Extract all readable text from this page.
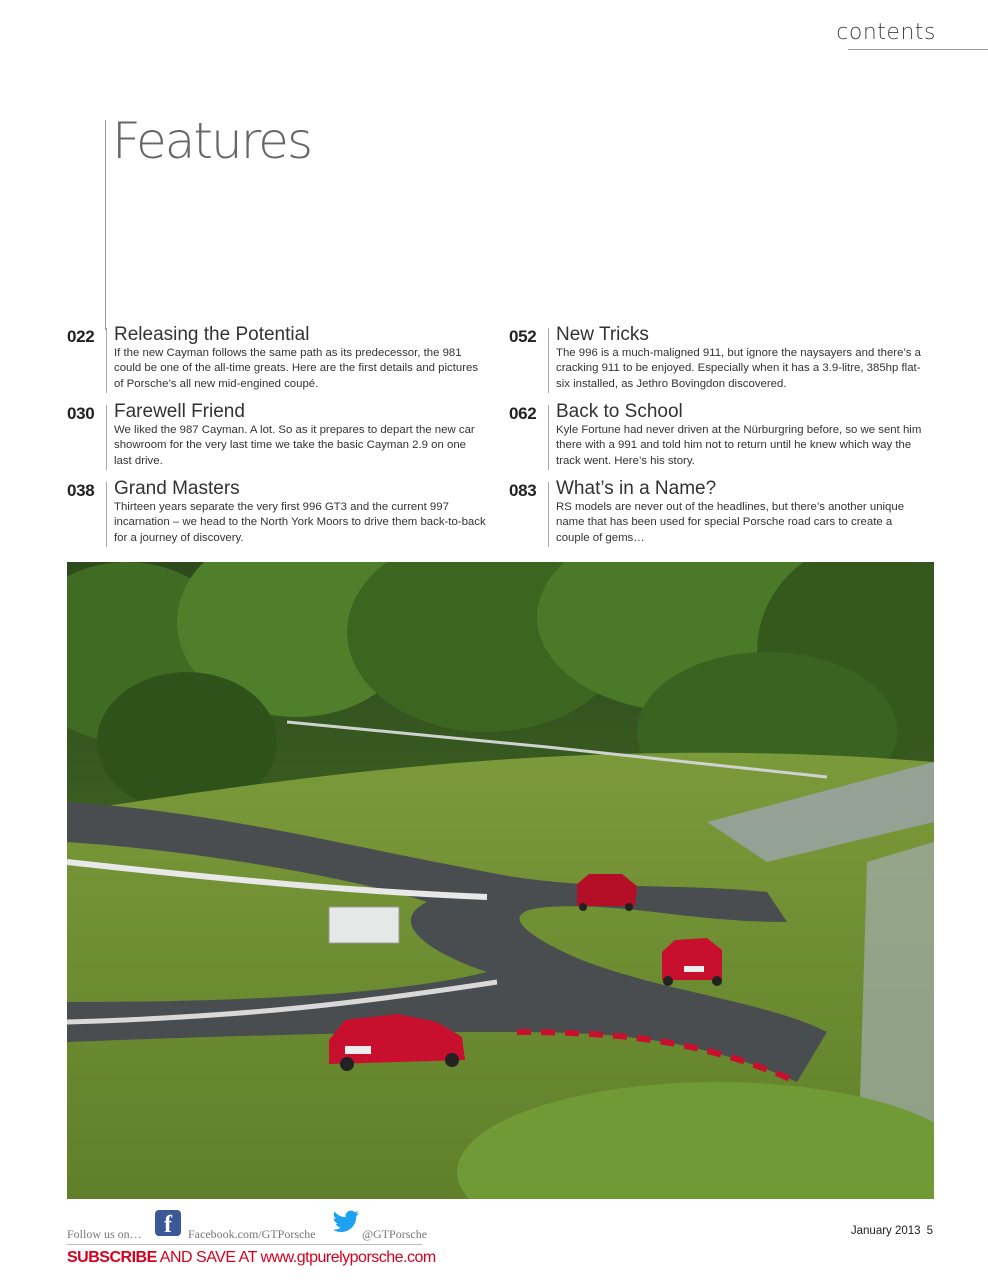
contents
Features
022 Releasing the Potential
If the new Cayman follows the same path as its predecessor, the 981 could be one of the all-time greats. Here are the first details and pictures of Porsche’s all new mid-engined coupé.
030 Farewell Friend
We liked the 987 Cayman. A lot. So as it prepares to depart the new car showroom for the very last time we take the basic Cayman 2.9 on one last drive.
038 Grand Masters
Thirteen years separate the very first 996 GT3 and the current 997 incarnation – we head to the North York Moors to drive them back-to-back for a journey of discovery.
052 New Tricks
The 996 is a much-maligned 911, but ignore the naysayers and there’s a cracking 911 to be enjoyed. Especially when it has a 3.9-litre, 385hp flat-six installed, as Jethro Bovingdon discovered.
062 Back to School
Kyle Fortune had never driven at the Nürburgring before, so we sent him there with a 991 and told him not to return until he knew which way the track went. Here’s his story.
083 What’s in a Name?
RS models are never out of the headlines, but there’s another unique name that has been used for special Porsche road cars to create a couple of gems…
Follow us on… f	Facebook.com/GTPorsche	@GTPorsche
SUBSCRIBE AND SAVE AT www.gtpurelyporsche.com
January 2013 5
